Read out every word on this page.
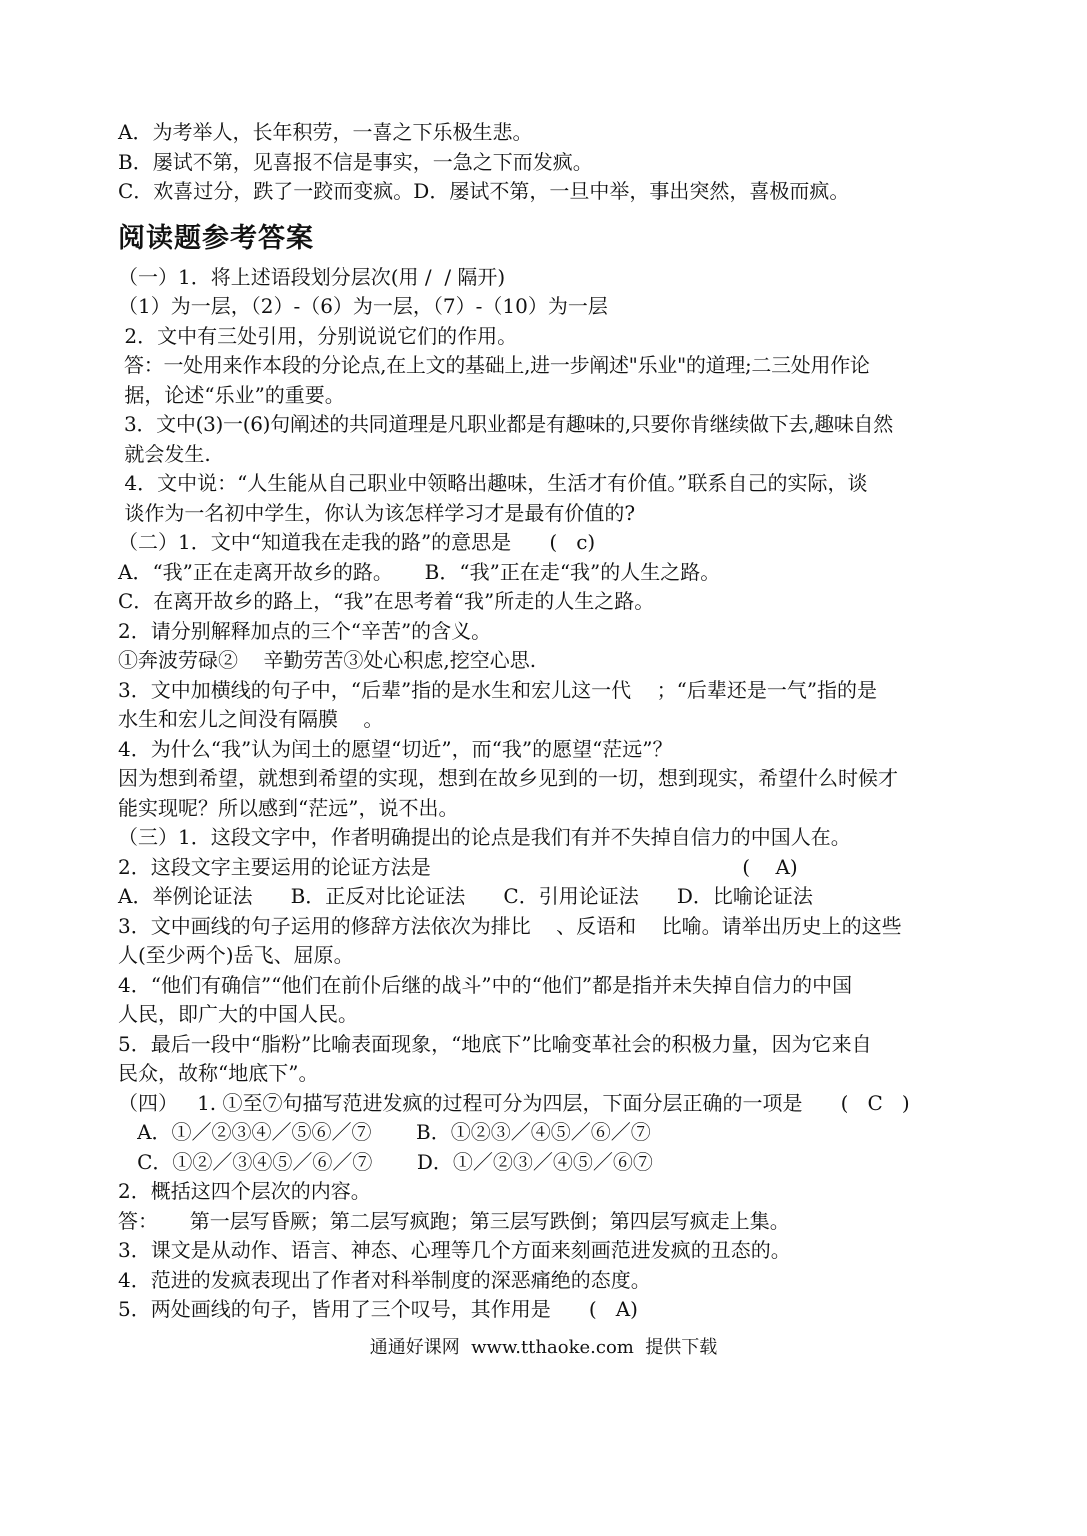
A．为考举人，长年积劳，一喜之下乐极生悲。
B．屡试不第，见喜报不信是事实，一急之下而发疯。
C．欢喜过分，跌了一跤而变疯。D．屡试不第，一旦中举，事出突然，喜极而疯。
阅读题参考答案
（一）1．将上述语段划分层次(用 /  / 隔开)
（1）为一层，（2）-（6）为一层，（7）-（10）为一层
2．文中有三处引用，分别说说它们的作用。
答：一处用来作本段的分论点,在上文的基础上,进一步阐述"乐业"的道理;二三处用作论
据，论述“乐业”的重要。
3．文中(3)一(6)句阐述的共同道理是凡职业都是有趣味的,只要你肯继续做下去,趣味自然
就会发生.
4．文中说：“人生能从自己职业中领略出趣味，生活才有价值。”联系自己的实际，谈
谈作为一名初中学生，你认为该怎样学习才是最有价值的?
（二）1．文中“知道我在走我的路”的意思是      (   c)
A．“我”正在走离开故乡的路。     B．“我”正在走“我”的人生之路。
C．在离开故乡的路上，“我”在思考着“我”所走的人生之路。
2．请分别解释加点的三个“辛苦”的含义。
①奔波劳碌②    辛勤劳苦③处心积虑,挖空心思.
3．文中加横线的句子中，“后辈”指的是水生和宏儿这一代    ；“后辈还是一气”指的是
水生和宏儿之间没有隔膜    。
4．为什么“我”认为闰土的愿望“切近”，而“我”的愿望“茫远”？
因为想到希望，就想到希望的实现，想到在故乡见到的一切，想到现实，希望什么时候才
能实现呢？所以感到“茫远”，说不出。
（三）1．这段文字中，作者明确提出的论点是我们有并不失掉自信力的中国人在。
2．这段文字主要运用的论证方法是                                                 (    A)
A．举例论证法      B．正反对比论证法      C．引用论证法      D．比喻论证法
3．文中画线的句子运用的修辞方法依次为排比    、反语和    比喻。请举出历史上的这些
人(至少两个)岳飞、屈原。
4．“他们有确信”“他们在前仆后继的战斗”中的“他们”都是指并未失掉自信力的中国
人民，即广大的中国人民。
5．最后一段中“脂粉”比喻表面现象，“地底下”比喻变革社会的积极力量，因为它来自
民众，故称“地底下”。
（四）   1. ①至⑦句描写范进发疯的过程可分为四层，下面分层正确的一项是      (   C   )
A．①／②③④／⑤⑥／⑦       B．①②③／④⑤／⑥／⑦
C．①②／③④⑤／⑥／⑦       D．①／②③／④⑤／⑥⑦
2．概括这四个层次的内容。
答：     第一层写昏厥；第二层写疯跑；第三层写跌倒；第四层写疯走上集。
3．课文是从动作、语言、神态、心理等几个方面来刻画范进发疯的丑态的。
4．范进的发疯表现出了作者对科举制度的深恶痛绝的态度。
5．两处画线的句子，皆用了三个叹号，其作用是      (   A)
通通好课网  www.tthaoke.com  提供下载
